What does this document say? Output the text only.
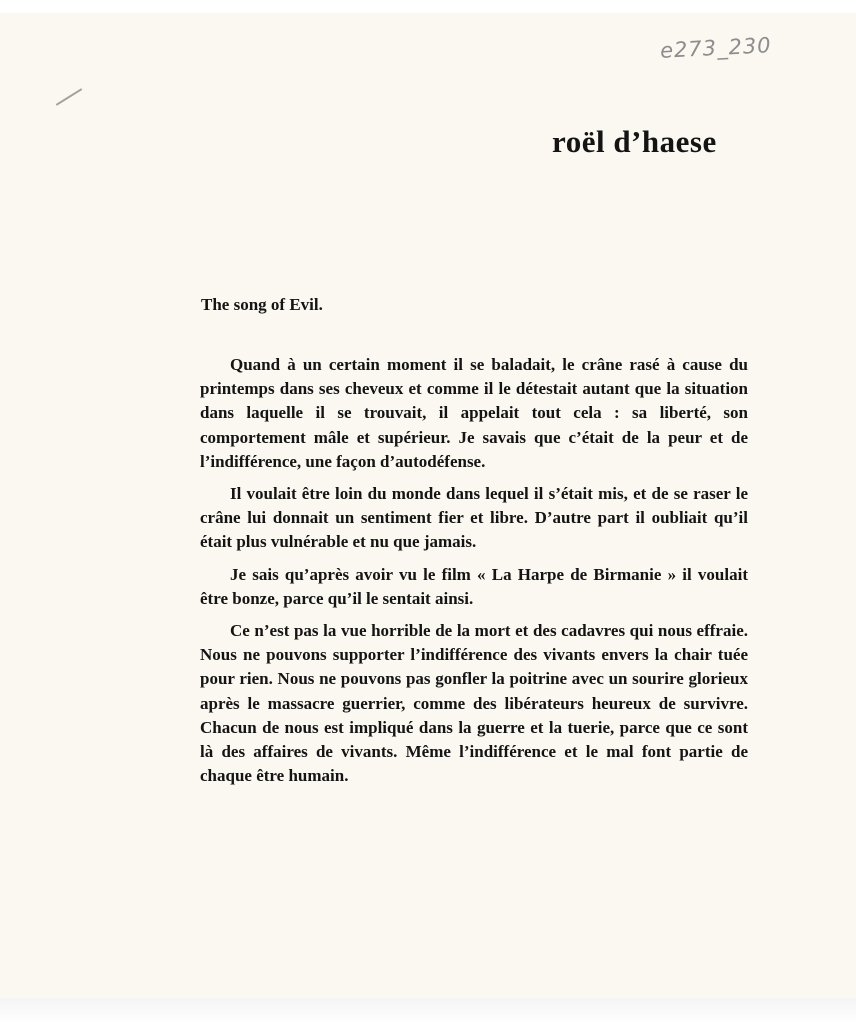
e273_230
roël d’haese
The song of Evil.

Quand à un certain moment il se baladait, le crâne rasé à cause du printemps dans ses cheveux et comme il le détestait autant que la situation dans laquelle il se trouvait, il appelait tout cela : sa liberté, son comportement mâle et supérieur. Je savais que c’était de la peur et de l’indifférence, une façon d’autodéfense.

Il voulait être loin du monde dans lequel il s’était mis, et de se raser le crâne lui donnait un sentiment fier et libre. D’autre part il oubliait qu’il était plus vulnérable et nu que jamais.

Je sais qu’après avoir vu le film « La Harpe de Birmanie » il voulait être bonze, parce qu’il le sentait ainsi.

Ce n’est pas la vue horrible de la mort et des cadavres qui nous effraie. Nous ne pouvons supporter l’indifférence des vivants envers la chair tuée pour rien. Nous ne pouvons pas gonfler la poitrine avec un sourire glorieux après le massacre guerrier, comme des libérateurs heureux de survivre. Chacun de nous est impliqué dans la guerre et la tuerie, parce que ce sont là des affaires de vivants. Même l’indifférence et le mal font partie de chaque être humain.
